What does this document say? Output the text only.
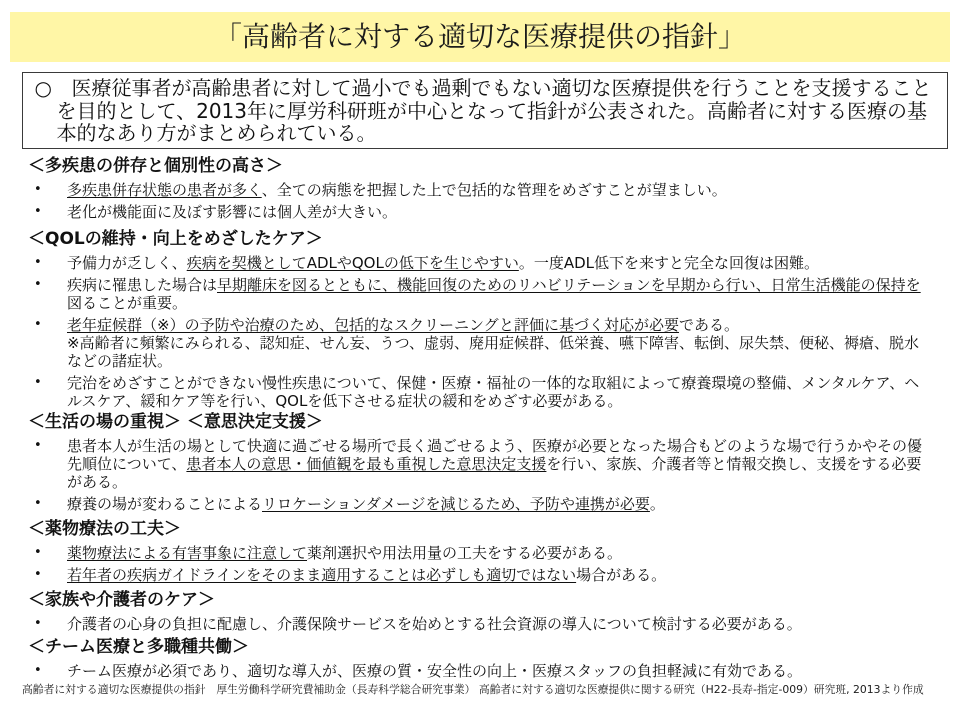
「高齢者に対する適切な医療提供の指針」
○ 医療従事者が高齢患者に対して過小でも過剰でもない適切な医療提供を行うことを支援することを目的として、2013年に厚労科研班が中心となって指針が公表された。高齢者に対する医療の基本的なあり方がまとめられている。

＜多疾患の併存と個別性の高さ＞
• 多疾患併存状態の患者が多く、全ての病態を把握した上で包括的な管理をめざすことが望ましい。
• 老化が機能面に及ぼす影響には個人差が大きい。
＜QOLの維持・向上をめざしたケア＞
• 予備力が乏しく、疾病を契機としてADLやQOLの低下を生じやすい。一度ADL低下を来すと完全な回復は困難。
• 疾病に罹患した場合は早期離床を図るとともに、機能回復のためのリハビリテーションを早期から行い、日常生活機能の保持を図ることが重要。
• 老年症候群（※）の予防や治療のため、包括的なスクリーニングと評価に基づく対応が必要である。
※高齢者に頻繁にみられる、認知症、せん妄、うつ、虚弱、廃用症候群、低栄養、嚥下障害、転倒、尿失禁、便秘、褥瘡、脱水などの諸症状。
• 完治をめざすことができない慢性疾患について、保健・医療・福祉の一体的な取組によって療養環境の整備、メンタルケア、ヘルスケア、緩和ケア等を行い、QOLを低下させる症状の緩和をめざす必要がある。
＜生活の場の重視＞ ＜意思決定支援＞
• 患者本人が生活の場として快適に過ごせる場所で長く過ごせるよう、医療が必要となった場合もどのような場で行うかやその優先順位について、患者本人の意思・価値観を最も重視した意思決定支援を行い、家族、介護者等と情報交換し、支援をする必要がある。
• 療養の場が変わることによるリロケーションダメージを減じるため、予防や連携が必要。
＜薬物療法の工夫＞
• 薬物療法による有害事象に注意して薬剤選択や用法用量の工夫をする必要がある。
• 若年者の疾病ガイドラインをそのまま適用することは必ずしも適切ではない場合がある。
＜家族や介護者のケア＞
• 介護者の心身の負担に配慮し、介護保険サービスを始めとする社会資源の導入について検討する必要がある。
＜チーム医療と多職種共働＞
• チーム医療が必須であり、適切な導入が、医療の質・安全性の向上・医療スタッフの負担軽減に有効である。
高齢者に対する適切な医療提供の指針　厚生労働科学研究費補助金（長寿科学総合研究事業） 高齢者に対する適切な医療提供に関する研究（H22-長寿-指定-009）研究班, 2013より作成
